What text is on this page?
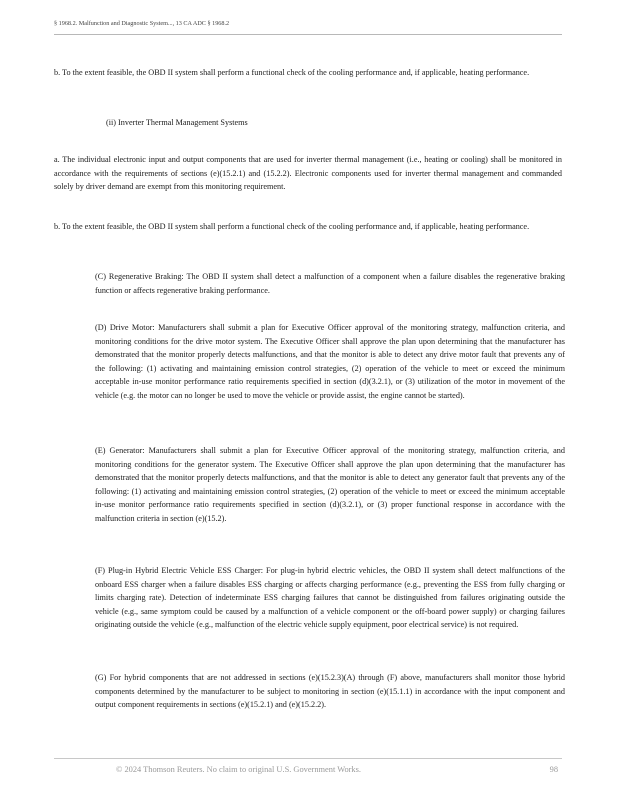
§ 1968.2. Malfunction and Diagnostic System..., 13 CA ADC § 1968.2

b. To the extent feasible, the OBD II system shall perform a functional check of the cooling performance and, if applicable, heating performance.

(ii) Inverter Thermal Management Systems

a. The individual electronic input and output components that are used for inverter thermal management (i.e., heating or cooling) shall be monitored in accordance with the requirements of sections (e)(15.2.1) and (15.2.2). Electronic components used for inverter thermal management and commanded solely by driver demand are exempt from this monitoring requirement.

b. To the extent feasible, the OBD II system shall perform a functional check of the cooling performance and, if applicable, heating performance.

(C) Regenerative Braking: The OBD II system shall detect a malfunction of a component when a failure disables the regenerative braking function or affects regenerative braking performance.

(D) Drive Motor: Manufacturers shall submit a plan for Executive Officer approval of the monitoring strategy, malfunction criteria, and monitoring conditions for the drive motor system. The Executive Officer shall approve the plan upon determining that the manufacturer has demonstrated that the monitor properly detects malfunctions, and that the monitor is able to detect any drive motor fault that prevents any of the following: (1) activating and maintaining emission control strategies, (2) operation of the vehicle to meet or exceed the minimum acceptable in-use monitor performance ratio requirements specified in section (d)(3.2.1), or (3) utilization of the motor in movement of the vehicle (e.g. the motor can no longer be used to move the vehicle or provide assist, the engine cannot be started).

(E) Generator: Manufacturers shall submit a plan for Executive Officer approval of the monitoring strategy, malfunction criteria, and monitoring conditions for the generator system. The Executive Officer shall approve the plan upon determining that the manufacturer has demonstrated that the monitor properly detects malfunctions, and that the monitor is able to detect any generator fault that prevents any of the following: (1) activating and maintaining emission control strategies, (2) operation of the vehicle to meet or exceed the minimum acceptable in-use monitor performance ratio requirements specified in section (d)(3.2.1), or (3) proper functional response in accordance with the malfunction criteria in section (e)(15.2).

(F) Plug-in Hybrid Electric Vehicle ESS Charger: For plug-in hybrid electric vehicles, the OBD II system shall detect malfunctions of the onboard ESS charger when a failure disables ESS charging or affects charging performance (e.g., preventing the ESS from fully charging or limits charging rate). Detection of indeterminate ESS charging failures that cannot be distinguished from failures originating outside the vehicle (e.g., same symptom could be caused by a malfunction of a vehicle component or the off-board power supply) or charging failures originating outside the vehicle (e.g., malfunction of the electric vehicle supply equipment, poor electrical service) is not required.

(G) For hybrid components that are not addressed in sections (e)(15.2.3)(A) through (F) above, manufacturers shall monitor those hybrid components determined by the manufacturer to be subject to monitoring in section (e)(15.1.1) in accordance with the input component and output component requirements in sections (e)(15.2.1) and (e)(15.2.2).

© 2024 Thomson Reuters. No claim to original U.S. Government Works.	98
